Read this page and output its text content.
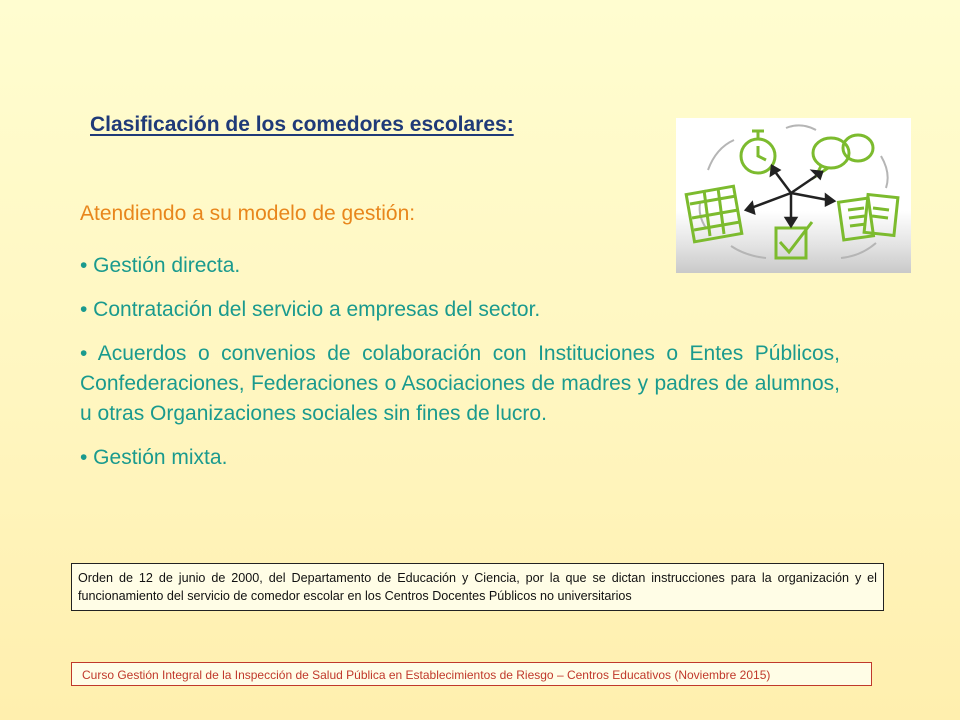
Clasificación de los comedores escolares:
Atendiendo a su modelo de gestión:
• Gestión directa.
• Contratación del servicio a empresas del sector.
• Acuerdos o convenios de colaboración con Instituciones o Entes Públicos, Confederaciones, Federaciones o Asociaciones de madres y padres de alumnos, u otras Organizaciones sociales sin fines de lucro.
• Gestión mixta.
Orden de 12 de junio de 2000, del Departamento de Educación y Ciencia, por la que se dictan instrucciones para la organización y el funcionamiento del servicio de comedor escolar en los Centros Docentes Públicos no universitarios
Curso Gestión Integral de la Inspección de Salud Pública en Establecimientos de Riesgo – Centros Educativos (Noviembre 2015)
